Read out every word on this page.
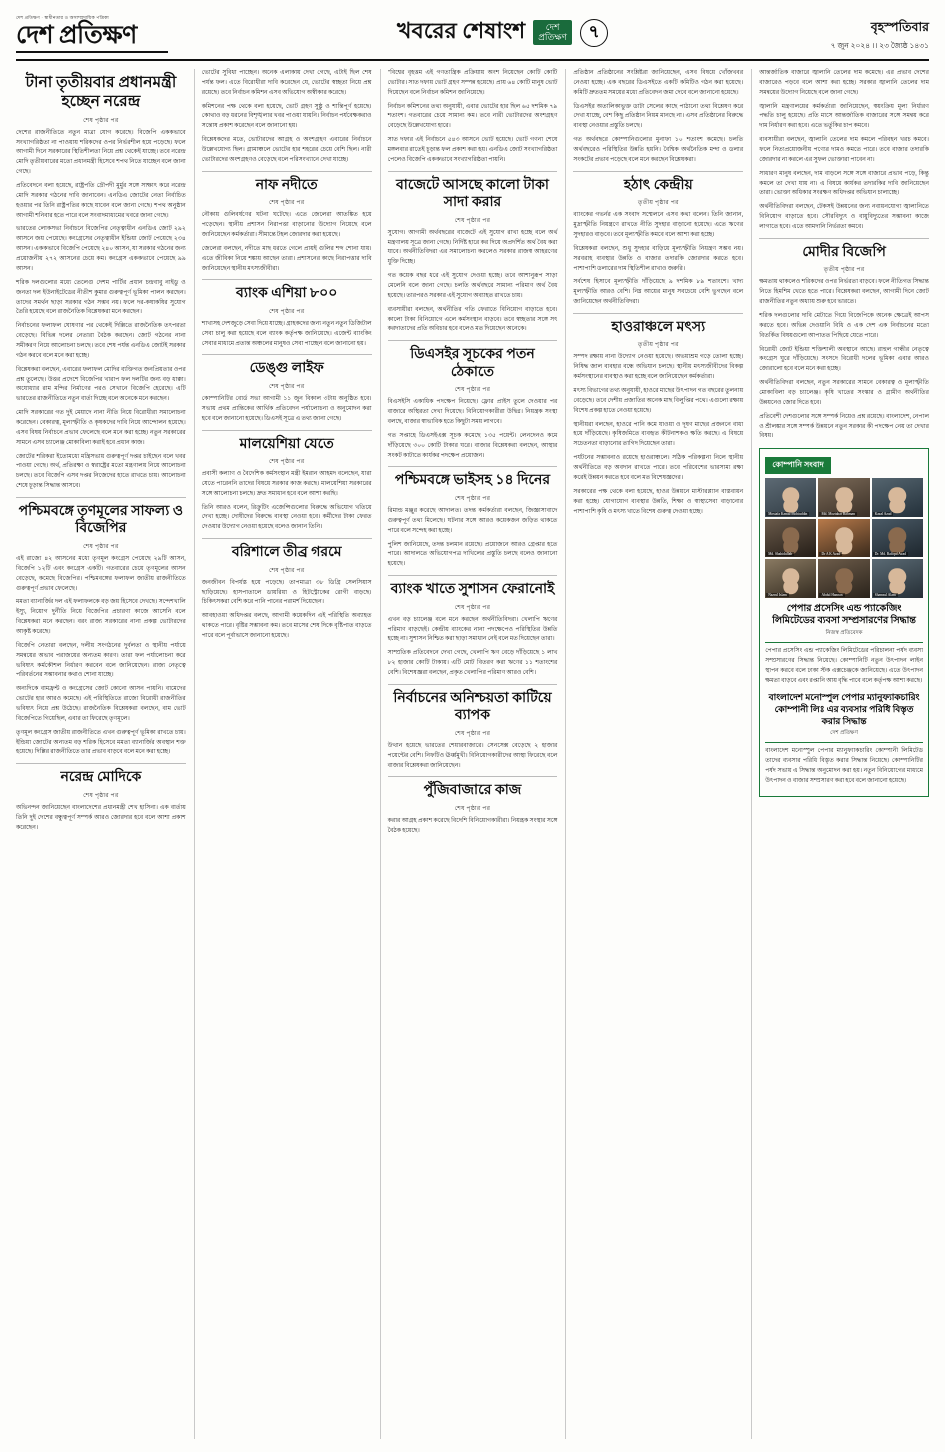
দেশ প্রতিক্ষণ · স্বাধীনতার ও অসাম্প্রদায়িক পত্রিকা
দেশ প্রতিক্ষণ	খবরের শেষাংশ	দেশ
প্রতিক্ষণ	৭	বৃহস্পতিবার
৭ জুন ২০২৪ ।। ২৩ জ্যৈষ্ঠ ১৪৩১
টানা তৃতীয়বার প্রধানমন্ত্রী হচ্ছেন নরেন্দ্র
শেষ পৃষ্ঠার পর

দেশের রাজনীতিতে নতুন মাত্রা যোগ করেছে। বিজেপি এককভাবে সংখ্যাগরিষ্ঠতা না পাওয়ায় শরিকদের ওপর নির্ভরশীল হয়ে পড়েছে। ফলে আগামী দিনে সরকারের স্থিতিশীলতা নিয়ে প্রশ্ন থেকেই যাচ্ছে। তবে নরেন্দ্র মোদি তৃতীয়বারের মতো প্রধানমন্ত্রী হিসেবে শপথ নিতে যাচ্ছেন বলে জানা গেছে।

প্রতিবেদনে বলা হয়েছে, রাষ্ট্রপতি দ্রৌপদী মুর্মুর সঙ্গে সাক্ষাৎ করে নরেন্দ্র মোদি সরকার গঠনের দাবি জানাবেন। এনডিএ জোটের নেতা নির্বাচিত হওয়ার পর তিনি রাষ্ট্রপতির কাছে যাবেন বলে জানা গেছে। শপথ অনুষ্ঠান আগামী শনিবার হতে পারে বলে সংবাদমাধ্যমের খবরে জানা গেছে।

ভারতের লোকসভা নির্বাচনে বিজেপির নেতৃত্বাধীন এনডিএ জোট ২৯২ আসনে জয় পেয়েছে। কংগ্রেসের নেতৃত্বাধীন ইন্ডিয়া জোট পেয়েছে ২৩৪ আসন। এককভাবে বিজেপি পেয়েছে ২৪০ আসন, যা সরকার গঠনের জন্য প্রয়োজনীয় ২৭২ আসনের চেয়ে কম। কংগ্রেস এককভাবে পেয়েছে ৯৯ আসন।

শরিক দলগুলোর মধ্যে তেলেগু দেশম পার্টির প্রধান চন্দ্রবাবু নাইডু ও জনতা দল ইউনাইটেডের নীতীশ কুমার গুরুত্বপূর্ণ ভূমিকা পালন করছেন। তাদের সমর্থন ছাড়া সরকার গঠন সম্ভব নয়। ফলে দর-কষাকষির সুযোগ তৈরি হয়েছে বলে রাজনৈতিক বিশ্লেষকরা মনে করছেন।

নির্বাচনের ফলাফল ঘোষণার পর থেকেই দিল্লিতে রাজনৈতিক তৎপরতা বেড়েছে। বিভিন্ন দলের নেতারা বৈঠক করছেন। জোট গঠনের নানা সমীকরণ নিয়ে আলোচনা চলছে। তবে শেষ পর্যন্ত এনডিএ জোটই সরকার গঠন করবে বলে মনে করা হচ্ছে।

বিশ্লেষকরা বলছেন, এবারের ফলাফল মোদির ব্যক্তিগত জনপ্রিয়তার ওপর প্রশ্ন তুলেছে। উত্তর প্রদেশে বিজেপির খারাপ ফল দলটির জন্য বড় ধাক্কা। অযোধ্যার রাম মন্দির নির্মাণের পরও সেখানে বিজেপি হেরেছে। এটি ভারতের রাজনীতিতে নতুন বার্তা দিচ্ছে বলে অনেকে মনে করছেন।

মোদি সরকারের গত দুই মেয়াদে নানা নীতি নিয়ে বিরোধীরা সমালোচনা করেছেন। বেকারত্ব, মূল্যস্ফীতি ও কৃষকদের দাবি নিয়ে আন্দোলন হয়েছে। এসব বিষয় নির্বাচনে প্রভাব ফেলেছে বলে মনে করা হচ্ছে। নতুন সরকারের সামনে এসব চ্যালেঞ্জ মোকাবিলা করাই হবে প্রধান কাজ।

জোটের শরিকরা ইতোমধ্যে মন্ত্রিসভায় গুরুত্বপূর্ণ দপ্তর চাইছেন বলে খবর পাওয়া গেছে। অর্থ, প্রতিরক্ষা ও স্বরাষ্ট্রের মতো মন্ত্রণালয় নিয়ে আলোচনা চলছে। তবে বিজেপি এসব দপ্তর নিজেদের হাতে রাখতে চায়। আলোচনা শেষে চূড়ান্ত সিদ্ধান্ত আসবে।

পশ্চিমবঙ্গে তৃণমূলের সাফল্য ও বিজেপির
শেষ পৃষ্ঠার পর

এই রাজ্যে ৪২ আসনের মধ্যে তৃণমূল কংগ্রেস পেয়েছে ২৯টি আসন, বিজেপি ১২টি এবং কংগ্রেস একটি। গতবারের চেয়ে তৃণমূলের আসন বেড়েছে, কমেছে বিজেপির। পশ্চিমবঙ্গের ফলাফল জাতীয় রাজনীতিতে গুরুত্বপূর্ণ প্রভাব ফেলেছে।

মমতা ব্যানার্জির দল এই ফলাফলকে বড় জয় হিসেবে দেখছে। সন্দেশখালি ইস্যু, নিয়োগ দুর্নীতি নিয়ে বিজেপির প্রচারণা কাজে আসেনি বলে বিশ্লেষকরা মনে করছেন। বরং রাজ্য সরকারের নানা প্রকল্প ভোটারদের আকৃষ্ট করেছে।

বিজেপি নেতারা বলছেন, দলীয় সংগঠনের দুর্বলতা ও স্থানীয় পর্যায়ে সমন্বয়ের অভাব পরাজয়ের অন্যতম কারণ। তারা ফল পর্যালোচনা করে ভবিষ্যৎ কর্মকৌশল নির্ধারণ করবেন বলে জানিয়েছেন। রাজ্য নেতৃত্বে পরিবর্তনের সম্ভাবনার কথাও শোনা যাচ্ছে।

অন্যদিকে বামফ্রন্ট ও কংগ্রেসের জোট কোনো আসন পায়নি। বামেদের ভোটের হার আরও কমেছে। এই পরিস্থিতিতে রাজ্যে বিরোধী রাজনীতির ভবিষ্যৎ নিয়ে প্রশ্ন উঠেছে। রাজনৈতিক বিশ্লেষকরা বলছেন, বাম ভোট বিজেপিতে গিয়েছিল, এবার তা ফিরেছে তৃণমূলে।

তৃণমূল কংগ্রেস জাতীয় রাজনীতিতে এখন গুরুত্বপূর্ণ ভূমিকা রাখতে চায়। ইন্ডিয়া জোটের অন্যতম বড় শরিক হিসেবে মমতা ব্যানার্জির অবস্থান শক্ত হয়েছে। দিল্লির রাজনীতিতে তার প্রভাব বাড়বে বলে মনে করা হচ্ছে।

নরেন্দ্র মোদিকে
শেষ পৃষ্ঠার পর

অভিনন্দন জানিয়েছেন বাংলাদেশের প্রধানমন্ত্রী শেখ হাসিনা। এক বার্তায় তিনি দুই দেশের বন্ধুত্বপূর্ণ সম্পর্ক আরও জোরদার হবে বলে আশা প্রকাশ করেছেন।

ভোটের সুবিধা পাচ্ছেন। অনেক এলাকায় দেখা গেছে, এটাই ছিল শেষ পর্যন্ত ফল। এতে বিরোধীরা দাবি করেছেন যে, ভোটের স্বচ্ছতা নিয়ে প্রশ্ন রয়েছে। তবে নির্বাচন কমিশন এসব অভিযোগ অস্বীকার করেছে।

কমিশনের পক্ষ থেকে বলা হয়েছে, ভোট গ্রহণ সুষ্ঠু ও শান্তিপূর্ণ হয়েছে। কোথাও বড় ধরনের বিশৃঙ্খলার খবর পাওয়া যায়নি। নির্বাচন পর্যবেক্ষকরাও সন্তোষ প্রকাশ করেছেন বলে জানানো হয়।

বিশ্লেষকদের মতে, ভোটারদের আগ্রহ ও অংশগ্রহণ এবারের নির্বাচনে উল্লেখযোগ্য ছিল। গ্রামাঞ্চলে ভোটের হার শহরের চেয়ে বেশি ছিল। নারী ভোটারদের অংশগ্রহণও বেড়েছে বলে পরিসংখ্যানে দেখা যাচ্ছে।

নাফ নদীতে
শেষ পৃষ্ঠার পর

নৌকায় গুলিবর্ষণের ঘটনা ঘটেছে। এতে জেলেরা আতঙ্কিত হয়ে পড়েছেন। স্থানীয় প্রশাসন নিরাপত্তা বাড়ানোর উদ্যোগ নিয়েছে বলে জানিয়েছেন কর্মকর্তারা। সীমান্তে টহল জোরদার করা হয়েছে।

জেলেরা বলছেন, নদীতে মাছ ধরতে গেলে প্রায়ই গুলির শব্দ শোনা যায়। এতে জীবিকা নিয়ে শঙ্কায় আছেন তারা। প্রশাসনের কাছে নিরাপত্তার দাবি জানিয়েছেন স্থানীয় মৎস্যজীবীরা।

ব্যাংক এশিয়া ৮০০
শেষ পৃষ্ঠার পর

শাখাসহ দেশজুড়ে সেবা দিয়ে যাচ্ছে। গ্রাহকদের জন্য নতুন নতুন ডিজিটাল সেবা চালু করা হয়েছে বলে ব্যাংক কর্তৃপক্ষ জানিয়েছে। এজেন্ট ব্যাংকিং সেবার মাধ্যমে প্রত্যন্ত অঞ্চলের মানুষও সেবা পাচ্ছেন বলে জানানো হয়।

ডেঙ্গু লাইফ
শেষ পৃষ্ঠার পর

কোম্পানিটির বোর্ড সভা আগামী ১১ জুন বিকাল ৩টায় অনুষ্ঠিত হবে। সভায় প্রথম প্রান্তিকের আর্থিক প্রতিবেদন পর্যালোচনা ও অনুমোদন করা হবে বলে জানানো হয়েছে। ডিএসই সূত্রে এ তথ্য জানা গেছে।

মালয়েশিয়া যেতে
শেষ পৃষ্ঠার পর

প্রবাসী কল্যাণ ও বৈদেশিক কর্মসংস্থান মন্ত্রী ইমরান আহমদ বলেছেন, যারা যেতে পারেননি তাদের বিষয়ে সরকার কাজ করছে। মালয়েশিয়া সরকারের সঙ্গে আলোচনা চলছে। দ্রুত সমাধান হবে বলে আশা করছি।

তিনি আরও বলেন, রিক্রুটিং এজেন্সিগুলোর বিরুদ্ধে অভিযোগ খতিয়ে দেখা হচ্ছে। দোষীদের বিরুদ্ধে ব্যবস্থা নেওয়া হবে। কর্মীদের টাকা ফেরত দেওয়ার উদ্যোগ নেওয়া হয়েছে বলেও জানান তিনি।

বরিশালে তীব্র গরমে
শেষ পৃষ্ঠার পর

জনজীবন বিপর্যস্ত হয়ে পড়েছে। তাপমাত্রা ৩৮ ডিগ্রি সেলসিয়াস ছাড়িয়েছে। হাসপাতালে ডায়রিয়া ও হিটস্ট্রোকের রোগী বাড়ছে। চিকিৎসকরা বেশি করে পানি পানের পরামর্শ দিয়েছেন।

আবহাওয়া অধিদপ্তর বলছে, আগামী কয়েকদিন এই পরিস্থিতি অব্যাহত থাকতে পারে। বৃষ্টির সম্ভাবনা কম। তবে মাসের শেষ দিকে বৃষ্টিপাত বাড়তে পারে বলে পূর্বাভাসে জানানো হয়েছে।

"বিশ্বের বৃহত্তম এই গণতান্ত্রিক প্রক্রিয়ায় অংশ নিয়েছেন কোটি কোটি ভোটার। সাত দফায় ভোট গ্রহণ সম্পন্ন হয়েছে। প্রায় ৬৪ কোটি মানুষ ভোট দিয়েছেন বলে নির্বাচন কমিশন জানিয়েছে।

নির্বাচন কমিশনের তথ্য অনুযায়ী, এবার ভোটের হার ছিল ৬৫ দশমিক ৭৯ শতাংশ। গতবারের চেয়ে সামান্য কম। তবে নারী ভোটারদের অংশগ্রহণ বেড়েছে উল্লেখযোগ্য হারে।

সাত দফার এই নির্বাচনে ৫৪৩ আসনে ভোট হয়েছে। ভোট গণনা শেষে মঙ্গলবার রাতেই চূড়ান্ত ফল প্রকাশ করা হয়। এনডিএ জোট সংখ্যাগরিষ্ঠতা পেলেও বিজেপি এককভাবে সংখ্যাগরিষ্ঠতা পায়নি।

বাজেটে আসছে কালো টাকা সাদা করার
শেষ পৃষ্ঠার পর

সুযোগ। আগামী অর্থবছরের বাজেটে এই সুযোগ রাখা হচ্ছে বলে অর্থ মন্ত্রণালয় সূত্রে জানা গেছে। নির্দিষ্ট হারে কর দিয়ে অপ্রদর্শিত অর্থ বৈধ করা যাবে। অর্থনীতিবিদরা এর সমালোচনা করলেও সরকার রাজস্ব আহরণের যুক্তি দিচ্ছে।

গত কয়েক বছর ধরে এই সুযোগ দেওয়া হচ্ছে। তবে আশানুরূপ সাড়া মেলেনি বলে জানা গেছে। চলতি অর্থবছরে সামান্য পরিমাণ অর্থ বৈধ হয়েছে। তারপরও সরকার এই সুযোগ অব্যাহত রাখতে চায়।

ব্যবসায়ীরা বলছেন, অর্থনীতির গতি ফেরাতে বিনিয়োগ বাড়াতে হবে। কালো টাকা বিনিয়োগে এলে কর্মসংস্থান বাড়বে। তবে স্বচ্ছতার সঙ্গে সৎ করদাতাদের প্রতি অবিচার হবে বলেও মত দিয়েছেন অনেকে।

ডিএসইর সূচকের পতন ঠেকাতে
শেষ পৃষ্ঠার পর

বিএসইসি একাধিক পদক্ষেপ নিয়েছে। ফ্লোর প্রাইস তুলে দেওয়ার পর বাজারে অস্থিরতা দেখা দিয়েছে। বিনিয়োগকারীরা উদ্বিগ্ন। নিয়ন্ত্রক সংস্থা বলছে, বাজার স্বাভাবিক হতে কিছুটা সময় লাগবে।

গত সপ্তাহে ডিএসইএক্স সূচক কমেছে ১৩৫ পয়েন্ট। লেনদেনও কমে দাঁড়িয়েছে ৩০০ কোটি টাকার ঘরে। বাজার বিশ্লেষকরা বলছেন, আস্থার সংকট কাটাতে কার্যকর পদক্ষেপ প্রয়োজন।

পশ্চিমবঙ্গে ভাইসহ ১৪ দিনের
শেষ পৃষ্ঠার পর

রিমান্ড মঞ্জুর করেছে আদালত। তদন্ত কর্মকর্তারা বলছেন, জিজ্ঞাসাবাদে গুরুত্বপূর্ণ তথ্য মিলেছে। ঘটনার সঙ্গে আরও কয়েকজন জড়িত থাকতে পারে বলে সন্দেহ করা হচ্ছে।

পুলিশ জানিয়েছে, তদন্ত চলমান রয়েছে। প্রয়োজনে আরও গ্রেপ্তার হতে পারে। আদালতে অভিযোগপত্র দাখিলের প্রস্তুতি চলছে বলেও জানানো হয়েছে।

ব্যাংক খাতে সুশাসন ফেরানোই
শেষ পৃষ্ঠার পর

এখন বড় চ্যালেঞ্জ বলে মনে করছেন অর্থনীতিবিদরা। খেলাপি ঋণের পরিমাণ বাড়ছেই। কেন্দ্রীয় ব্যাংকের নানা পদক্ষেপেও পরিস্থিতির উন্নতি হচ্ছে না। সুশাসন নিশ্চিত করা ছাড়া সমাধান নেই বলে মত দিয়েছেন তারা।

সাম্প্রতিক প্রতিবেদনে দেখা গেছে, খেলাপি ঋণ বেড়ে দাঁড়িয়েছে ১ লাখ ৮২ হাজার কোটি টাকায়। এটি মোট বিতরণ করা ঋণের ১১ শতাংশের বেশি। বিশেষজ্ঞরা বলছেন, প্রকৃত খেলাপির পরিমাণ আরও বেশি।

নির্বাচনের অনিশ্চয়তা কাটিয়ে ব্যাপক
শেষ পৃষ্ঠার পর

উত্থান হয়েছে ভারতের শেয়ারবাজারে। সেনসেক্স বেড়েছে ২ হাজার পয়েন্টের বেশি। নিফটিও ঊর্ধ্বমুখী। বিনিয়োগকারীদের আস্থা ফিরেছে বলে বাজার বিশ্লেষকরা জানিয়েছেন।

পুঁজিবাজারে কাজ
শেষ পৃষ্ঠার পর

করার আগ্রহ প্রকাশ করেছে বিদেশি বিনিয়োগকারীরা। নিয়ন্ত্রক সংস্থার সঙ্গে বৈঠক হয়েছে।

প্রতিষ্ঠান প্রতিষ্ঠানের সংশ্লিষ্টরা জানিয়েছেন, এসব বিষয়ে খোঁজখবর নেওয়া হচ্ছে। এক বছরের ডিএসইতে একটি কমিটিও গঠন করা হয়েছে। কমিটি দ্রুততম সময়ের মধ্যে প্রতিবেদন জমা দেবে বলে জানানো হয়েছে।

ডিএসইর অতালিকাভুক্ত ডাটা সেলের কাছে পাঠানো তথ্য বিশ্লেষণ করে দেখা যাচ্ছে, বেশ কিছু প্রতিষ্ঠান নিয়ম মানছে না। এসব প্রতিষ্ঠানের বিরুদ্ধে ব্যবস্থা নেওয়ার প্রস্তুতি চলছে।

গত অর্থবছরে কোম্পানিগুলোর মুনাফা ১০ শতাংশ কমেছে। চলতি অর্থবছরেও পরিস্থিতির উন্নতি হয়নি। বৈশ্বিক অর্থনৈতিক মন্দা ও ডলার সংকটের প্রভাব পড়েছে বলে মনে করছেন বিশ্লেষকরা।

হঠাৎ কেন্দ্রীয়
তৃতীয় পৃষ্ঠার পর

ব্যাংকের গভর্নর এক সংবাদ সম্মেলনে এসব কথা বলেন। তিনি জানান, মুদ্রাস্ফীতি নিয়ন্ত্রণে রাখতে নীতি সুদহার বাড়ানো হয়েছে। এতে ঋণের সুদহারও বাড়বে। তবে মূল্যস্ফীতি কমবে বলে আশা করা হচ্ছে।

বিশ্লেষকরা বলছেন, শুধু সুদহার বাড়িয়ে মূল্যস্ফীতি নিয়ন্ত্রণ সম্ভব নয়। সরবরাহ ব্যবস্থার উন্নতি ও বাজার তদারকি জোরদার করতে হবে। পাশাপাশি ডলারের দাম স্থিতিশীল রাখাও জরুরি।

সর্বশেষ হিসাবে মূল্যস্ফীতি দাঁড়িয়েছে ৯ দশমিক ৮৯ শতাংশে। খাদ্য মূল্যস্ফীতি আরও বেশি। নিম্ন আয়ের মানুষ সবচেয়ে বেশি ভুগছেন বলে জানিয়েছেন অর্থনীতিবিদরা।

হাওরাঞ্চলে মৎস্য
তৃতীয় পৃষ্ঠার পর

সম্পদ রক্ষায় নানা উদ্যোগ নেওয়া হয়েছে। অভয়াশ্রম গড়ে তোলা হচ্ছে। নিষিদ্ধ জাল ব্যবহার বন্ধে অভিযান চলছে। স্থানীয় মৎস্যজীবীদের বিকল্প কর্মসংস্থানের ব্যবস্থাও করা হচ্ছে বলে জানিয়েছেন কর্মকর্তারা।

মৎস্য বিভাগের তথ্য অনুযায়ী, হাওরে মাছের উৎপাদন গত বছরের তুলনায় বেড়েছে। তবে দেশীয় প্রজাতির অনেক মাছ বিলুপ্তির পথে। এগুলো রক্ষায় বিশেষ প্রকল্প হাতে নেওয়া হয়েছে।

স্থানীয়রা বলছেন, হাওরে পানি কমে যাওয়া ও দূষণ মাছের প্রজননে বাধা হয়ে দাঁড়িয়েছে। কৃষিজমিতে ব্যবহৃত কীটনাশকও ক্ষতি করছে। এ বিষয়ে সচেতনতা বাড়ানোর তাগিদ দিয়েছেন তারা।

পর্যটনের সম্ভাবনাও রয়েছে হাওরাঞ্চলে। সঠিক পরিকল্পনা নিলে স্থানীয় অর্থনীতিতে বড় অবদান রাখতে পারে। তবে পরিবেশের ভারসাম্য রক্ষা করেই উন্নয়ন করতে হবে বলে মত বিশেষজ্ঞদের।

সরকারের পক্ষ থেকে বলা হয়েছে, হাওর উন্নয়নে মাস্টারপ্ল্যান বাস্তবায়ন করা হচ্ছে। যোগাযোগ ব্যবস্থার উন্নতি, শিক্ষা ও স্বাস্থ্যসেবা বাড়ানোর পাশাপাশি কৃষি ও মৎস্য খাতে বিশেষ গুরুত্ব দেওয়া হচ্ছে।

আন্তর্জাতিক বাজারে জ্বালানি তেলের দাম কমেছে। এর প্রভাব দেশের বাজারেও পড়বে বলে আশা করা হচ্ছে। সরকার জ্বালানি তেলের দাম সমন্বয়ের উদ্যোগ নিয়েছে বলে জানা গেছে।

জ্বালানি মন্ত্রণালয়ের কর্মকর্তারা জানিয়েছেন, স্বয়ংক্রিয় মূল্য নির্ধারণ পদ্ধতি চালু হয়েছে। প্রতি মাসে আন্তর্জাতিক বাজারের সঙ্গে সমন্বয় করে দাম নির্ধারণ করা হবে। এতে ভর্তুকির চাপ কমবে।

ব্যবসায়ীরা বলছেন, জ্বালানি তেলের দাম কমলে পরিবহন খরচ কমবে। ফলে নিত্যপ্রয়োজনীয় পণ্যের দামও কমতে পারে। তবে বাজার তদারকি জোরদার না করলে এর সুফল ভোক্তারা পাবেন না।

সাধারণ মানুষ বলছেন, দাম বাড়লে সঙ্গে সঙ্গে বাজারে প্রভাব পড়ে, কিন্তু কমলে তা দেখা যায় না। এ বিষয়ে কার্যকর তদারকির দাবি জানিয়েছেন তারা। ভোক্তা অধিকার সংরক্ষণ অধিদপ্তর অভিযান চালাচ্ছে।

অর্থনীতিবিদরা বলছেন, টেকসই উন্নয়নের জন্য নবায়নযোগ্য জ্বালানিতে বিনিয়োগ বাড়াতে হবে। সৌরবিদ্যুৎ ও বায়ুবিদ্যুতের সম্ভাবনা কাজে লাগাতে হবে। এতে আমদানি নির্ভরতা কমবে।

মোদীর বিজেপি
তৃতীয় পৃষ্ঠার পর

ক্ষমতায় থাকলেও শরিকদের ওপর নির্ভরতা বাড়বে। ফলে নীতিগত সিদ্ধান্ত নিতে হিমশিম খেতে হতে পারে। বিশ্লেষকরা বলছেন, আগামী দিনে জোট রাজনীতির নতুন অধ্যায় শুরু হবে ভারতে।

শরিক দলগুলোর দাবি মেটাতে গিয়ে বিজেপিকে অনেক ক্ষেত্রেই আপস করতে হবে। অভিন্ন দেওয়ানি বিধি ও এক দেশ এক নির্বাচনের মতো বিতর্কিত বিষয়গুলো আপাতত পিছিয়ে যেতে পারে।

বিরোধী জোট ইন্ডিয়া শক্তিশালী অবস্থানে আছে। রাহুল গান্ধীর নেতৃত্বে কংগ্রেস ঘুরে দাঁড়িয়েছে। সংসদে বিরোধী দলের ভূমিকা এবার আরও জোরালো হবে বলে মনে করা হচ্ছে।

অর্থনীতিবিদরা বলছেন, নতুন সরকারের সামনে বেকারত্ব ও মূল্যস্ফীতি মোকাবিলা বড় চ্যালেঞ্জ। কৃষি খাতের সংস্কার ও গ্রামীণ অর্থনীতির উন্নয়নেও জোর দিতে হবে।

প্রতিবেশী দেশগুলোর সঙ্গে সম্পর্ক নিয়েও প্রশ্ন রয়েছে। বাংলাদেশ, নেপাল ও শ্রীলঙ্কার সঙ্গে সম্পর্ক উন্নয়নে নতুন সরকার কী পদক্ষেপ নেয় তা দেখার বিষয়।

কোম্পানি সংবাদ
Mostafa Kamal Mohiuddin	Md. Moztabar Rahman	Kazal Azad
Md. Shahidullah	Dr A K Azad	Dr. Md. Rafiqul Azad
Nazrul Islam	Abdul Hannan	Shamsul Alam
পেপার প্রসেসিং এন্ড প্যাকেজিং লিমিটেডের ব্যবসা সম্প্রসারণের সিদ্ধান্ত
নিজস্ব প্রতিবেদক

পেপার প্রসেসিং এন্ড প্যাকেজিং লিমিটেডের পরিচালনা পর্ষদ ব্যবসা সম্প্রসারণের সিদ্ধান্ত নিয়েছে। কোম্পানিটি নতুন উৎপাদন লাইন স্থাপন করবে বলে ঢাকা স্টক এক্সচেঞ্জকে জানিয়েছে। এতে উৎপাদন ক্ষমতা বাড়বে এবং রপ্তানি আয় বৃদ্ধি পাবে বলে কর্তৃপক্ষ আশা করছে।

বাংলাদেশ মনোস্পুল পেপার ম্যানুফ্যাকচারিং কোম্পানী লিঃ এর ব্যবসার পরিধি বিস্তৃত করার সিদ্ধান্ত
দেশ প্রতিক্ষণ

বাংলাদেশ মনোস্পুল পেপার ম্যানুফ্যাকচারিং কোম্পানী লিমিটেড তাদের ব্যবসার পরিধি বিস্তৃত করার সিদ্ধান্ত নিয়েছে। কোম্পানিটির পর্ষদ সভায় এ সিদ্ধান্ত অনুমোদন করা হয়। নতুন বিনিয়োগের মাধ্যমে উৎপাদন ও বাজার সম্প্রসারণ করা হবে বলে জানানো হয়েছে।
